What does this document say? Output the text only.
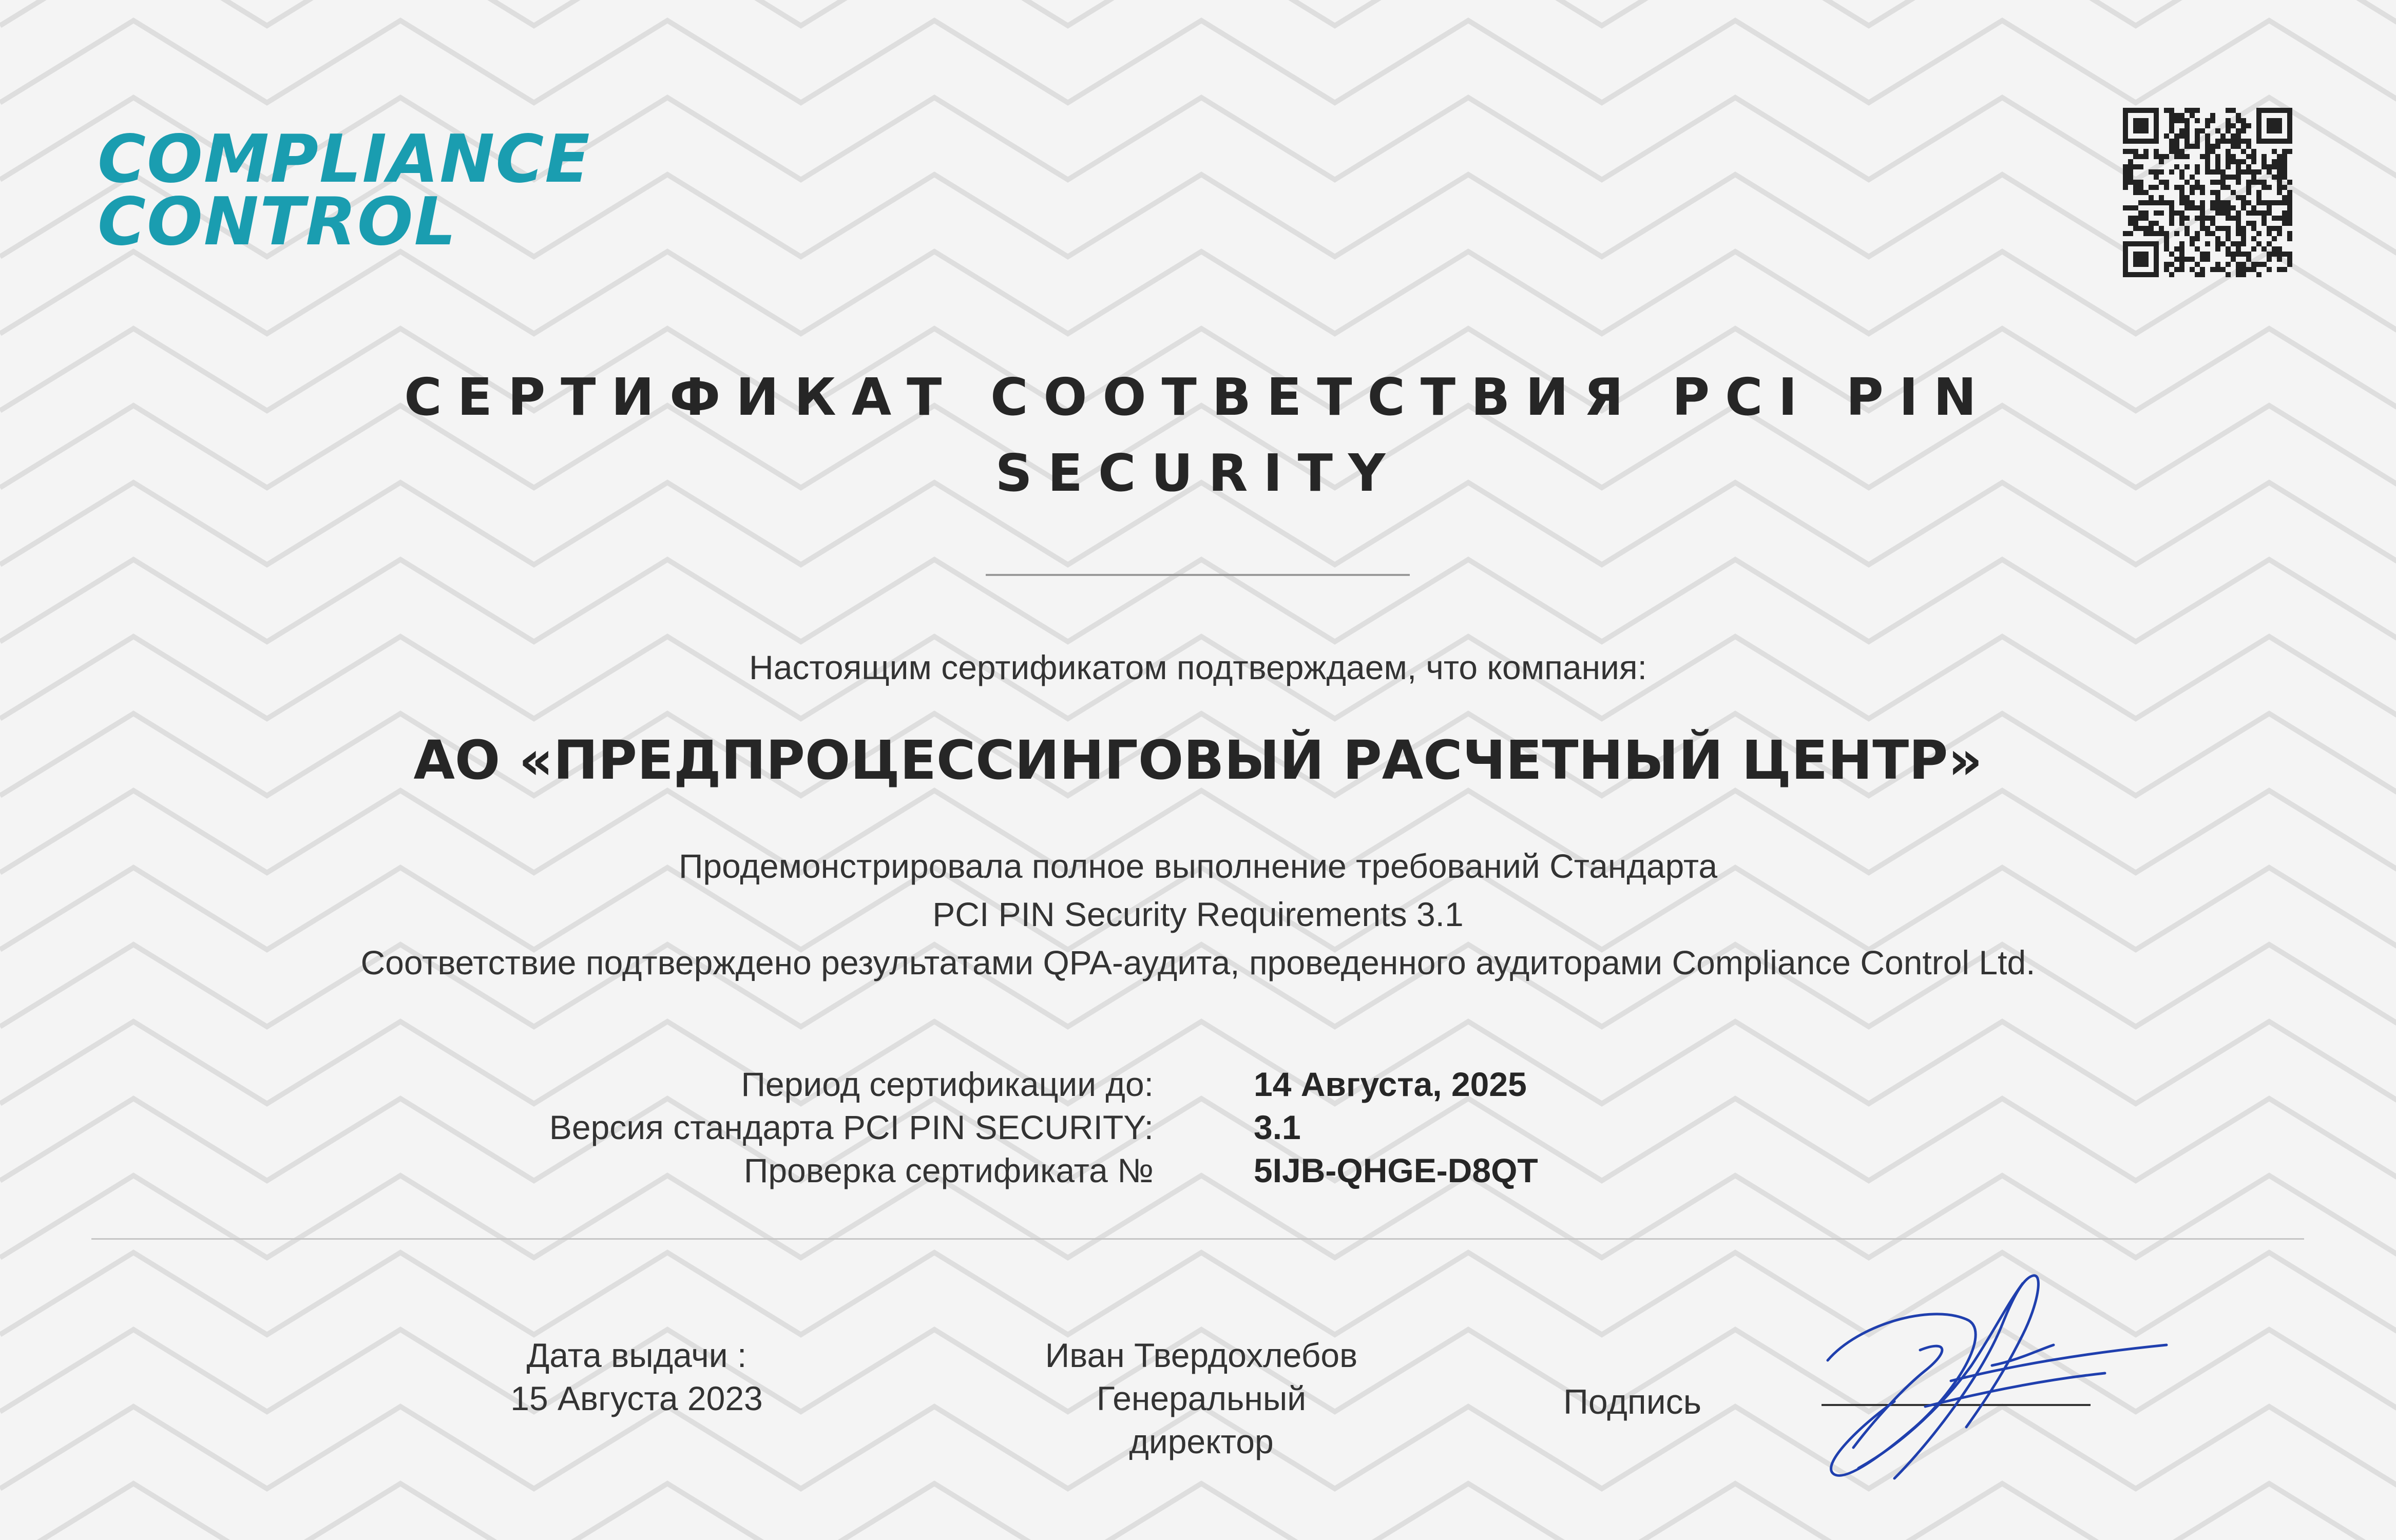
COMPLIANCE
CONTROL
СЕРТИФИКАТ СООТВЕТСТВИЯ PCI PIN
SECURITY
Настоящим сертификатом подтверждаем, что компания:
АО «ПРЕДПРОЦЕССИНГОВЫЙ РАСЧЕТНЫЙ ЦЕНТР»
Продемонстрировала полное выполнение требований Стандарта
PCI PIN Security Requirements 3.1
Соответствие подтверждено результатами QPA-аудита, проведенного аудиторами Compliance Control Ltd.
Период сертификации до:	14 Августа, 2025
Версия стандарта PCI PIN SECURITY:	3.1
Проверка сертификата №	5IJB-QHGE-D8QT
Дата выдачи :
15 Августа 2023
Иван Твердохлебов
Генеральный
директор
Подпись
